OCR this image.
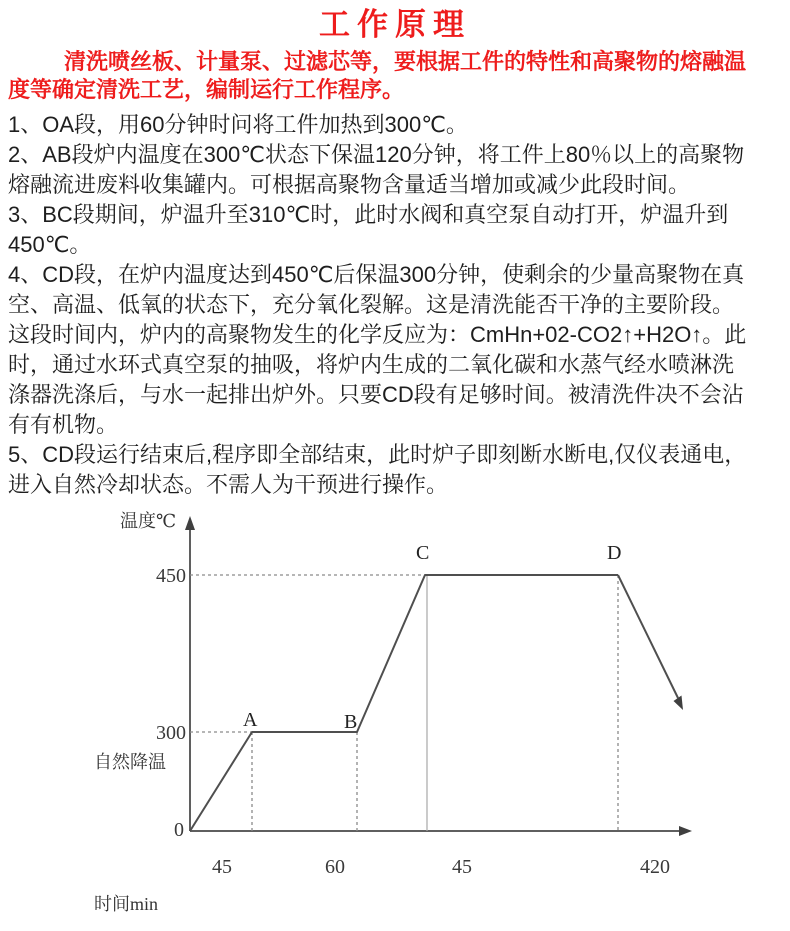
工作原理
清洗喷丝板、计量泵、过滤芯等，要根据工件的特性和高聚物的熔融温
度等确定清洗工艺，编制运行工作程序。
1、OA段，用60分钟时问将工件加热到300℃。
2、AB段炉内温度在300℃状态下保温120分钟，将工件上80％以上的高聚物
熔融流进废料收集罐内。可根据高聚物含量适当增加或减少此段时间。
3、BC段期间，炉温升至310℃时，此时水阀和真空泵自动打开，炉温升到
450℃。
4、CD段，在炉内温度达到450℃后保温300分钟，使剩余的少量高聚物在真
空、高温、低氧的状态下，充分氧化裂解。这是清洗能否干净的主要阶段。
这段时间内，炉内的高聚物发生的化学反应为：CmHn+02-CO2↑+H2O↑。此
时，通过水环式真空泵的抽吸，将炉内生成的二氧化碳和水蒸气经水喷淋洗
涤器洗涤后，与水一起排出炉外。只要CD段有足够时间。被清洗件决不会沾
有有机物。
5、CD段运行结束后,程序即全部结束，此时炉子即刻断水断电,仅仪表通电，
进入自然冷却状态。不需人为干预进行操作。
温度℃
自然降温
时间min
450
300
0
A	B
C	D
45	60	45	420
